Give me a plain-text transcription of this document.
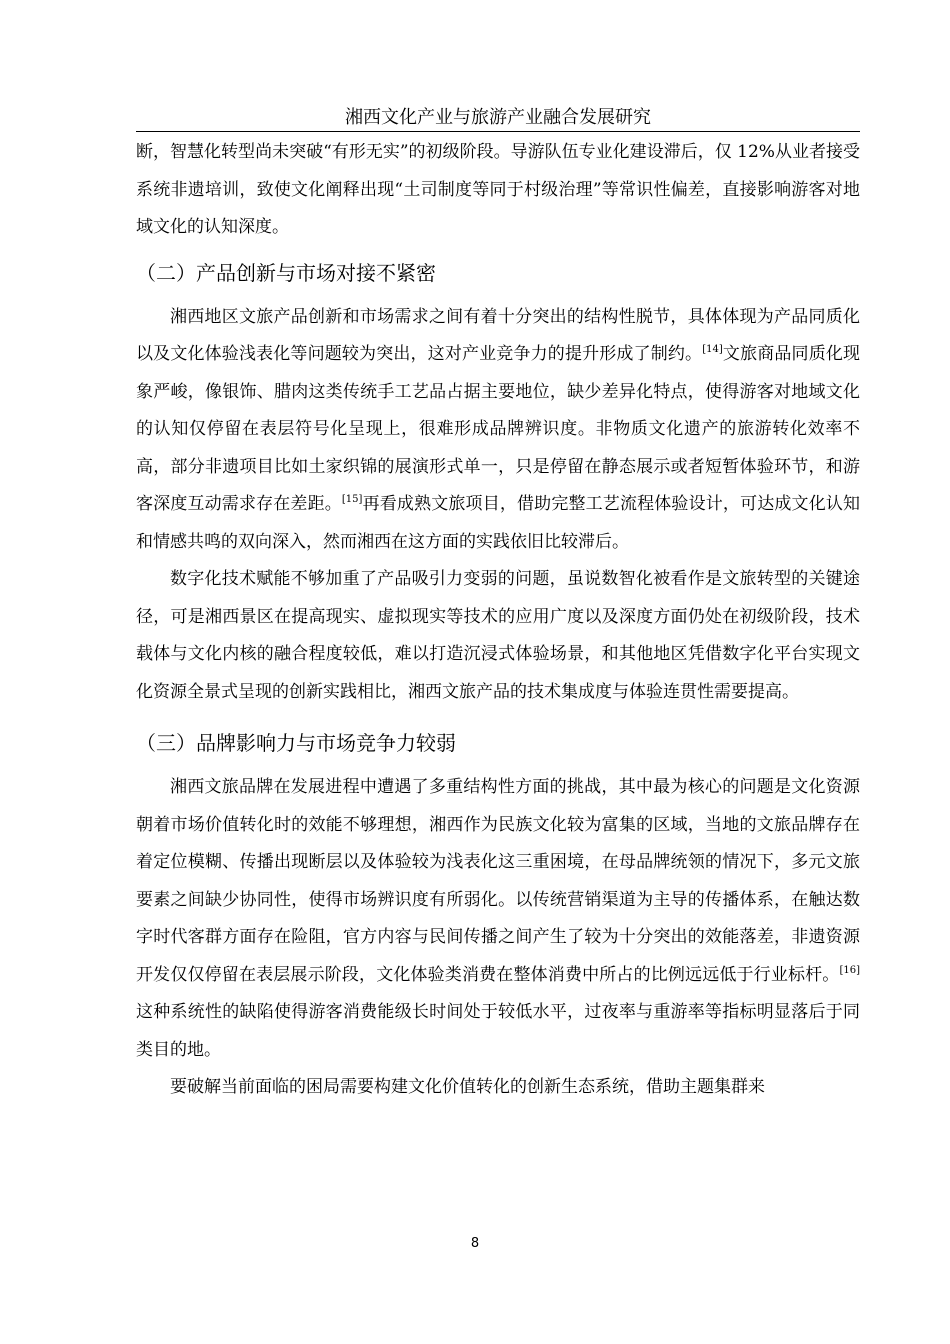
湘西文化产业与旅游产业融合发展研究

断，智慧化转型尚未突破“有形无实”的初级阶段。导游队伍专业化建设滞后，仅 12%从业者接受系统非遗培训，致使文化阐释出现“土司制度等同于村级治理”等常识性偏差，直接影响游客对地域文化的认知深度。

（二）产品创新与市场对接不紧密

湘西地区文旅产品创新和市场需求之间有着十分突出的结构性脱节，具体体现为产品同质化以及文化体验浅表化等问题较为突出，这对产业竞争力的提升形成了制约。[14]文旅商品同质化现象严峻，像银饰、腊肉这类传统手工艺品占据主要地位，缺少差异化特点，使得游客对地域文化的认知仅停留在表层符号化呈现上，很难形成品牌辨识度。非物质文化遗产的旅游转化效率不高，部分非遗项目比如土家织锦的展演形式单一，只是停留在静态展示或者短暂体验环节，和游客深度互动需求存在差距。[15]再看成熟文旅项目，借助完整工艺流程体验设计，可达成文化认知和情感共鸣的双向深入，然而湘西在这方面的实践依旧比较滞后。

数字化技术赋能不够加重了产品吸引力变弱的问题，虽说数智化被看作是文旅转型的关键途径，可是湘西景区在提高现实、虚拟现实等技术的应用广度以及深度方面仍处在初级阶段，技术载体与文化内核的融合程度较低，难以打造沉浸式体验场景，和其他地区凭借数字化平台实现文化资源全景式呈现的创新实践相比，湘西文旅产品的技术集成度与体验连贯性需要提高。

（三）品牌影响力与市场竞争力较弱

湘西文旅品牌在发展进程中遭遇了多重结构性方面的挑战，其中最为核心的问题是文化资源朝着市场价值转化时的效能不够理想，湘西作为民族文化较为富集的区域，当地的文旅品牌存在着定位模糊、传播出现断层以及体验较为浅表化这三重困境，在母品牌统领的情况下，多元文旅要素之间缺少协同性，使得市场辨识度有所弱化。以传统营销渠道为主导的传播体系，在触达数字时代客群方面存在险阻，官方内容与民间传播之间产生了较为十分突出的效能落差，非遗资源开发仅仅停留在表层展示阶段，文化体验类消费在整体消费中所占的比例远远低于行业标杆。[16]这种系统性的缺陷使得游客消费能级长时间处于较低水平，过夜率与重游率等指标明显落后于同类目的地。

要破解当前面临的困局需要构建文化价值转化的创新生态系统，借助主题集群来

8
